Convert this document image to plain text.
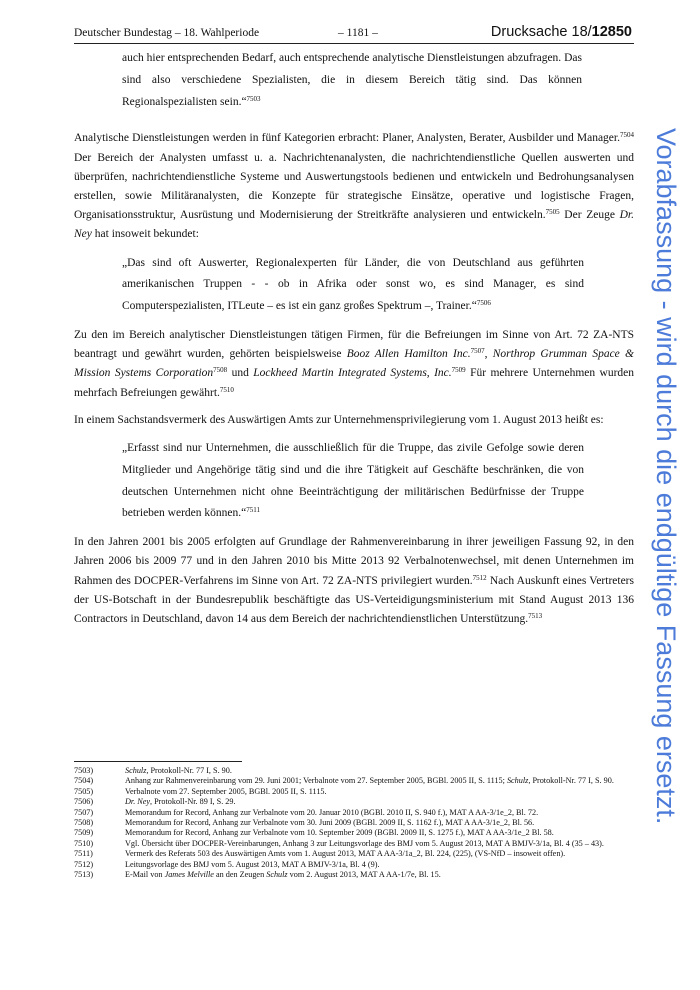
Deutscher Bundestag – 18. Wahlperiode	– 1181 –	Drucksache 18/12850

auch hier entsprechenden Bedarf, auch entsprechende analytische Dienstleistungen abzufragen. Das sind also verschiedene Spezialisten, die in diesem Bereich tätig sind. Das können Regionalspezialisten sein.“$^{7503}$

Analytische Dienstleistungen werden in fünf Kategorien erbracht: Planer, Analysten, Berater, Ausbilder und Manager.$^{7504}$ Der Bereich der Analysten umfasst u. a. Nachrichtenanalysten, die nachrichtendienstliche Quellen auswerten und überprüfen, nachrichtendienstliche Systeme und Auswertungstools bedienen und entwickeln und Bedrohungsanalysen erstellen, sowie Militäranalysten, die Konzepte für strategische Einsätze, operative und logistische Fragen, Organisationsstruktur, Ausrüstung und Modernisierung der Streitkräfte analysieren und entwickeln.$^{7505}$ Der Zeuge Dr. Ney hat insoweit bekundet:

„Das sind oft Auswerter, Regionalexperten für Länder, die von Deutschland aus geführten amerikanischen Truppen - - ob in Afrika oder sonst wo, es sind Manager, es sind Computerspezialisten, ITLeute – es ist ein ganz großes Spektrum –, Trainer.“$^{7506}$

Zu den im Bereich analytischer Dienstleistungen tätigen Firmen, für die Befreiungen im Sinne von Art. 72 ZA-NTS beantragt und gewährt wurden, gehörten beispielsweise Booz Allen Hamilton Inc.$^{7507}$, Northrop Grumman Space & Mission Systems Corporation$^{7508}$ und Lockheed Martin Integrated Systems, Inc.$^{7509}$ Für mehrere Unternehmen wurden mehrfach Befreiungen gewährt.$^{7510}$

In einem Sachstandsvermerk des Auswärtigen Amts zur Unternehmensprivilegierung vom 1. August 2013 heißt es:

„Erfasst sind nur Unternehmen, die ausschließlich für die Truppe, das zivile Gefolge sowie deren Mitglieder und Angehörige tätig sind und die ihre Tätigkeit auf Geschäfte beschränken, die von deutschen Unternehmen nicht ohne Beeinträchtigung der militärischen Bedürfnisse der Truppe betrieben werden können.“$^{7511}$

In den Jahren 2001 bis 2005 erfolgten auf Grundlage der Rahmenvereinbarung in ihrer jeweiligen Fassung 92, in den Jahren 2006 bis 2009 77 und in den Jahren 2010 bis Mitte 2013 92 Verbalnotenwechsel, mit denen Unternehmen im Rahmen des DOCPER-Verfahrens im Sinne von Art. 72 ZA-NTS privilegiert wurden.$^{7512}$ Nach Auskunft eines Vertreters der US-Botschaft in der Bundesrepublik beschäftigte das US-Verteidigungsministerium mit Stand August 2013 136 Contractors in Deutschland, davon 14 aus dem Bereich der nachrichtendienstlichen Unterstützung.$^{7513}$

7503)	Schulz, Protokoll-Nr. 77 I, S. 90.
7504)	Anhang zur Rahmenvereinbarung vom 29. Juni 2001; Verbalnote vom 27. September 2005, BGBl. 2005 II, S. 1115; Schulz, Protokoll-Nr. 77 I, S. 90.
7505)	Verbalnote vom 27. September 2005, BGBl. 2005 II, S. 1115.
7506)	Dr. Ney, Protokoll-Nr. 89 I, S. 29.
7507)	Memorandum for Record, Anhang zur Verbalnote vom 20. Januar 2010 (BGBl. 2010 II, S. 940 f.), MAT A AA-3/1e_2, Bl. 72.
7508)	Memorandum for Record, Anhang zur Verbalnote vom 30. Juni 2009 (BGBl. 2009 II, S. 1162 f.), MAT A AA-3/1e_2, Bl. 56.
7509)	Memorandum for Record, Anhang zur Verbalnote vom 10. September 2009 (BGBl. 2009 II, S. 1275 f.), MAT A AA-3/1e_2 Bl. 58.
7510)	Vgl. Übersicht über DOCPER-Vereinbarungen, Anhang 3 zur Leitungsvorlage des BMJ vom 5. August 2013, MAT A BMJV-3/1a, Bl. 4 (35 – 43).
7511)	Vermerk des Referats 503 des Auswärtigen Amts vom 1. August 2013, MAT A AA-3/1a_2, Bl. 224, (225), (VS-NfD – insoweit offen).
7512)	Leitungsvorlage des BMJ vom 5. August 2013, MAT A BMJV-3/1a, Bl. 4 (9).
7513)	E-Mail von James Melville an den Zeugen Schulz vom 2. August 2013, MAT A AA-1/7e, Bl. 15.
Vorabfassung - wird durch die endgültige Fassung ersetzt.
